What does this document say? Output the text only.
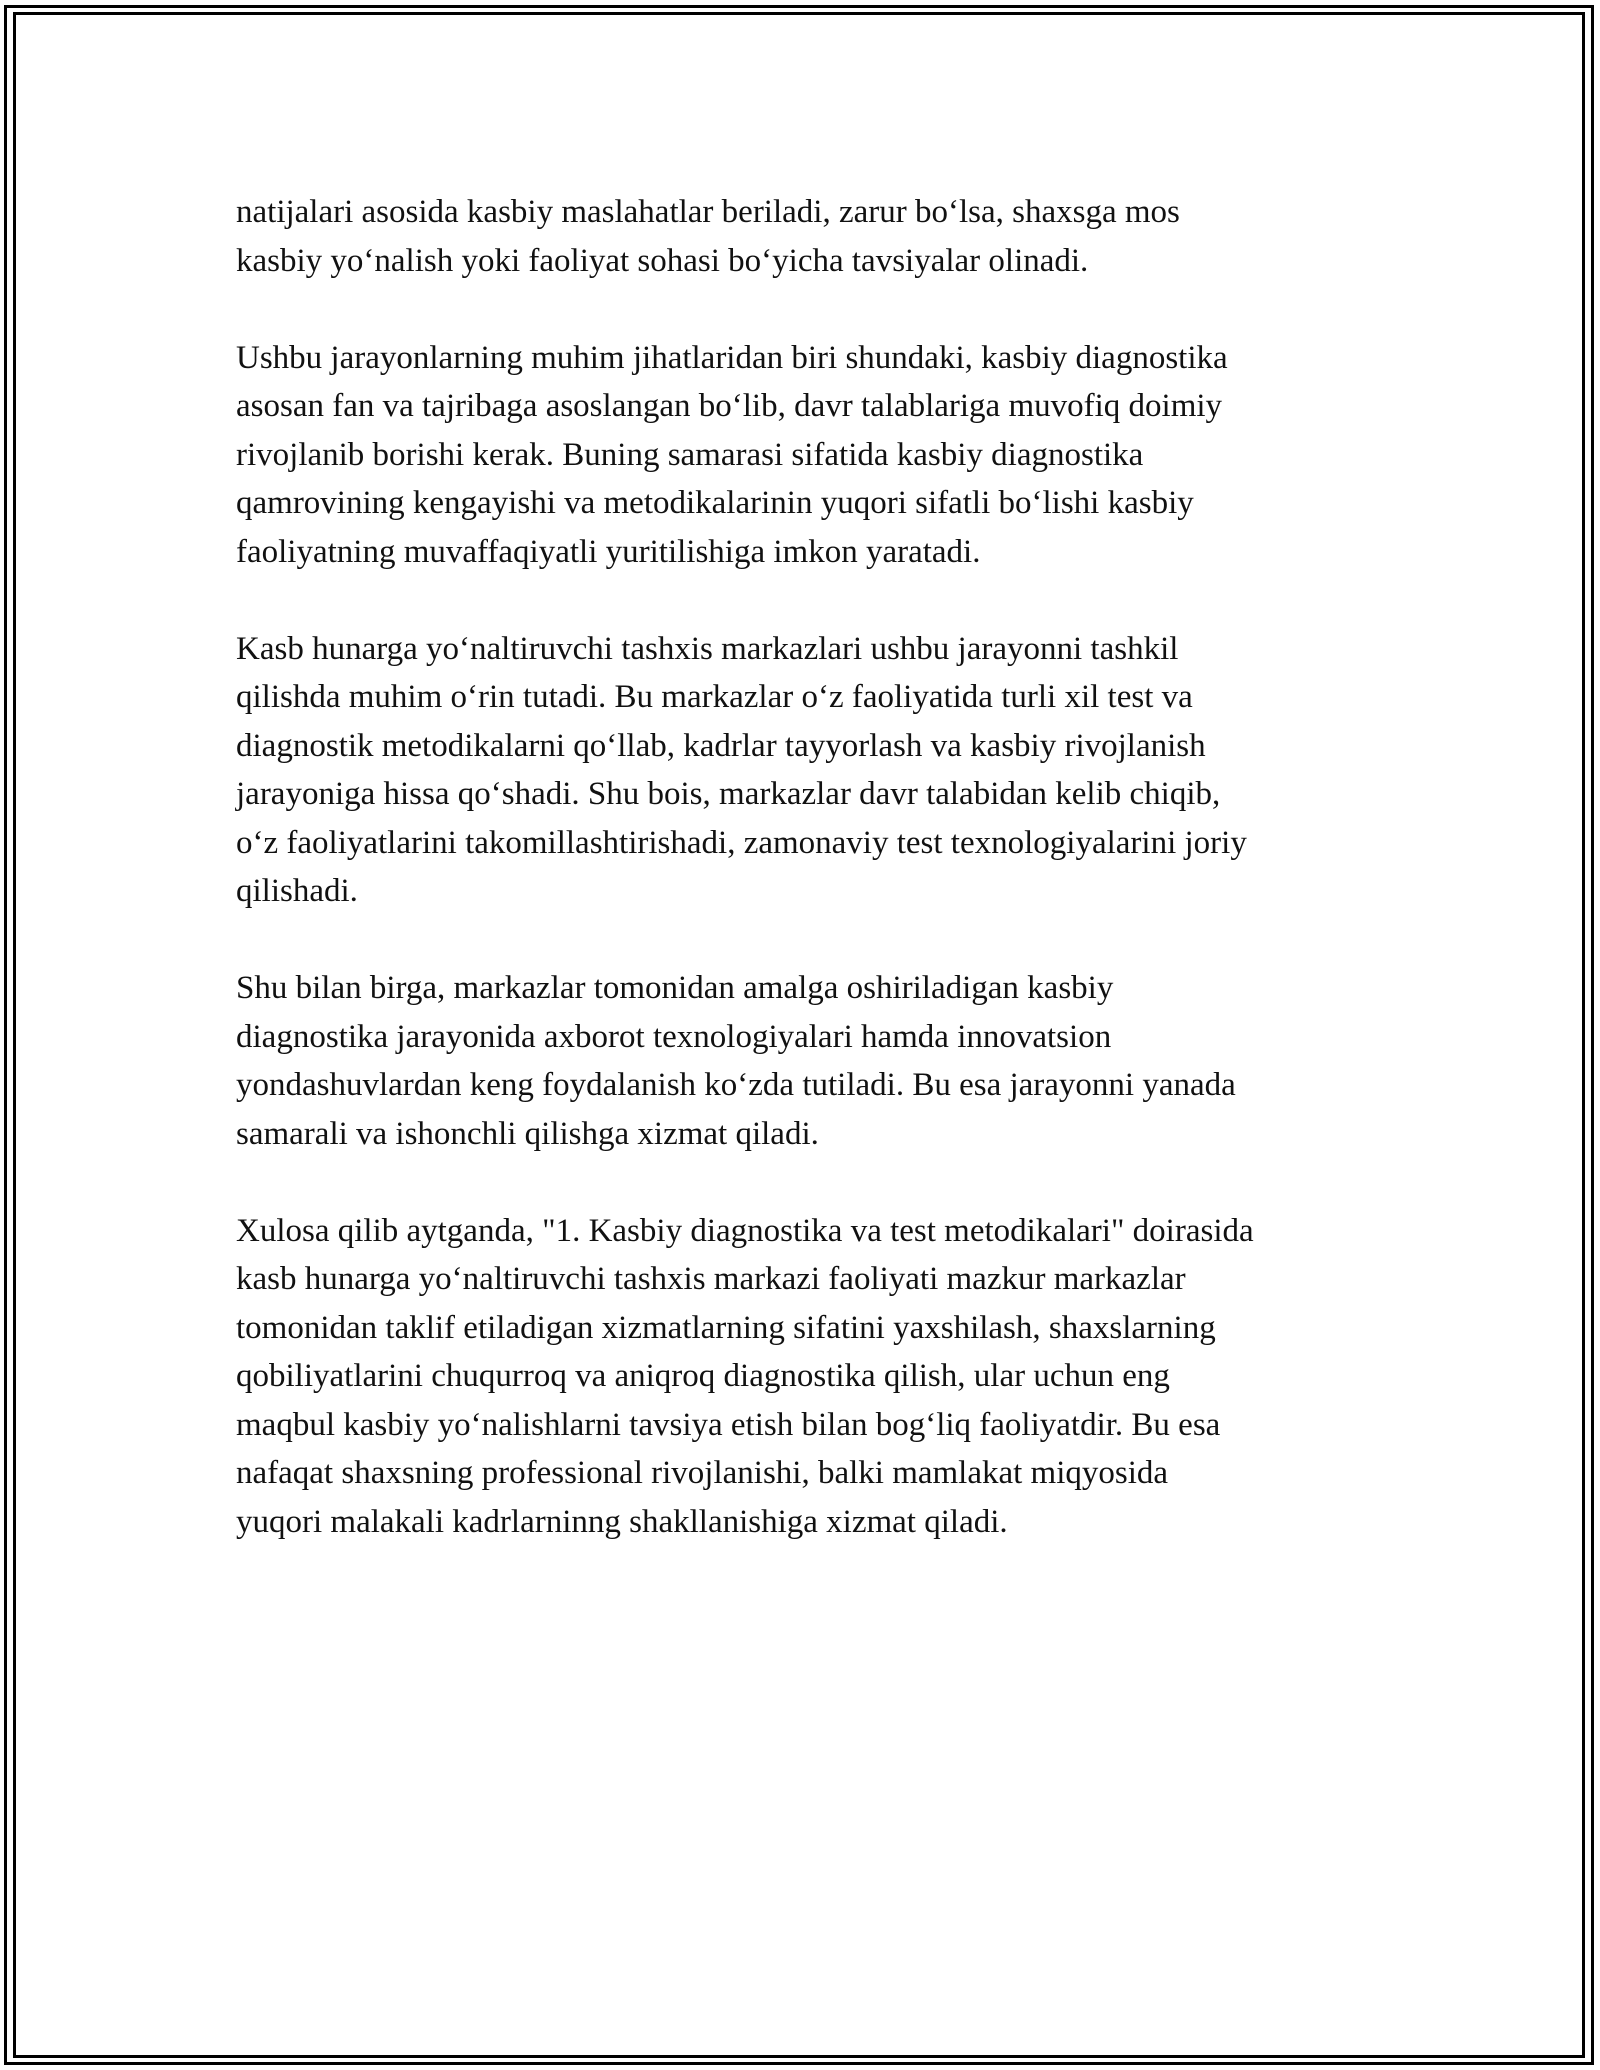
natijalari asosida kasbiy maslahatlar beriladi, zarur boʻlsa, shaxsga mos
kasbiy yoʻnalish yoki faoliyat sohasi boʻyicha tavsiyalar olinadi.

Ushbu jarayonlarning muhim jihatlaridan biri shundaki, kasbiy diagnostika
asosan fan va tajribaga asoslangan boʻlib, davr talablariga muvofiq doimiy
rivojlanib borishi kerak. Buning samarasi sifatida kasbiy diagnostika
qamrovining kengayishi va metodikalarinin yuqori sifatli boʻlishi kasbiy
faoliyatning muvaffaqiyatli yuritilishiga imkon yaratadi.

Kasb hunarga yoʻnaltiruvchi tashxis markazlari ushbu jarayonni tashkil
qilishda muhim oʻrin tutadi. Bu markazlar oʻz faoliyatida turli xil test va
diagnostik metodikalarni qoʻllab, kadrlar tayyorlash va kasbiy rivojlanish
jarayoniga hissa qoʻshadi. Shu bois, markazlar davr talabidan kelib chiqib,
oʻz faoliyatlarini takomillashtirishadi, zamonaviy test texnologiyalarini joriy
qilishadi.

Shu bilan birga, markazlar tomonidan amalga oshiriladigan kasbiy
diagnostika jarayonida axborot texnologiyalari hamda innovatsion
yondashuvlardan keng foydalanish koʻzda tutiladi. Bu esa jarayonni yanada
samarali va ishonchli qilishga xizmat qiladi.

Xulosa qilib aytganda, "1. Kasbiy diagnostika va test metodikalari" doirasida
kasb hunarga yoʻnaltiruvchi tashxis markazi faoliyati mazkur markazlar
tomonidan taklif etiladigan xizmatlarning sifatini yaxshilash, shaxslarning
qobiliyatlarini chuqurroq va aniqroq diagnostika qilish, ular uchun eng
maqbul kasbiy yoʻnalishlarni tavsiya etish bilan bogʻliq faoliyatdir. Bu esa
nafaqat shaxsning professional rivojlanishi, balki mamlakat miqyosida
yuqori malakali kadrlarninng shakllanishiga xizmat qiladi.
